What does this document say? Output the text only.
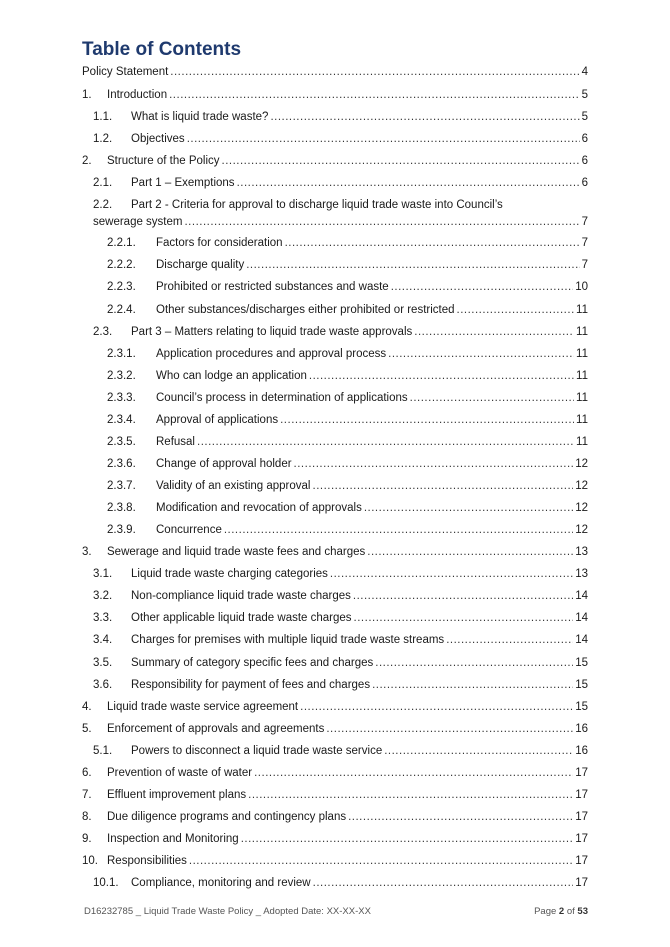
Table of Contents
Policy Statement .....	4
1.	Introduction .....	5
1.1.	What is liquid trade waste? .....	5
1.2.	Objectives .....	6
2.	Structure of the Policy .....	6
2.1.	Part 1 – Exemptions .....	6
2.2.	Part 2 - Criteria for approval to discharge liquid trade waste into Council’s
sewerage system .....	7
2.2.1.	Factors for consideration .....	7
2.2.2.	Discharge quality .....	7
2.2.3.	Prohibited or restricted substances and waste .....	10
2.2.4.	Other substances/discharges either prohibited or restricted .....	11
2.3.	Part 3 – Matters relating to liquid trade waste approvals .....	11
2.3.1.	Application procedures and approval process .....	11
2.3.2.	Who can lodge an application .....	11
2.3.3.	Council’s process in determination of applications .....	11
2.3.4.	Approval of applications .....	11
2.3.5.	Refusal .....	11
2.3.6.	Change of approval holder .....	12
2.3.7.	Validity of an existing approval .....	12
2.3.8.	Modification and revocation of approvals .....	12
2.3.9.	Concurrence .....	12
3.	Sewerage and liquid trade waste fees and charges .....	13
3.1.	Liquid trade waste charging categories .....	13
3.2.	Non-compliance liquid trade waste charges .....	14
3.3.	Other applicable liquid trade waste charges .....	14
3.4.	Charges for premises with multiple liquid trade waste streams .....	14
3.5.	Summary of category specific fees and charges .....	15
3.6.	Responsibility for payment of fees and charges .....	15
4.	Liquid trade waste service agreement .....	15
5.	Enforcement of approvals and agreements .....	16
5.1.	Powers to disconnect a liquid trade waste service .....	16
6.	Prevention of waste of water .....	17
7.	Effluent improvement plans .....	17
8.	Due diligence programs and contingency plans .....	17
9.	Inspection and Monitoring .....	17
10. Responsibilities .....	17
10.1.	Compliance, monitoring and review .....	17
D16232785 _ Liquid Trade Waste Policy _ Adopted Date: XX-XX-XX	Page 2 of 53
